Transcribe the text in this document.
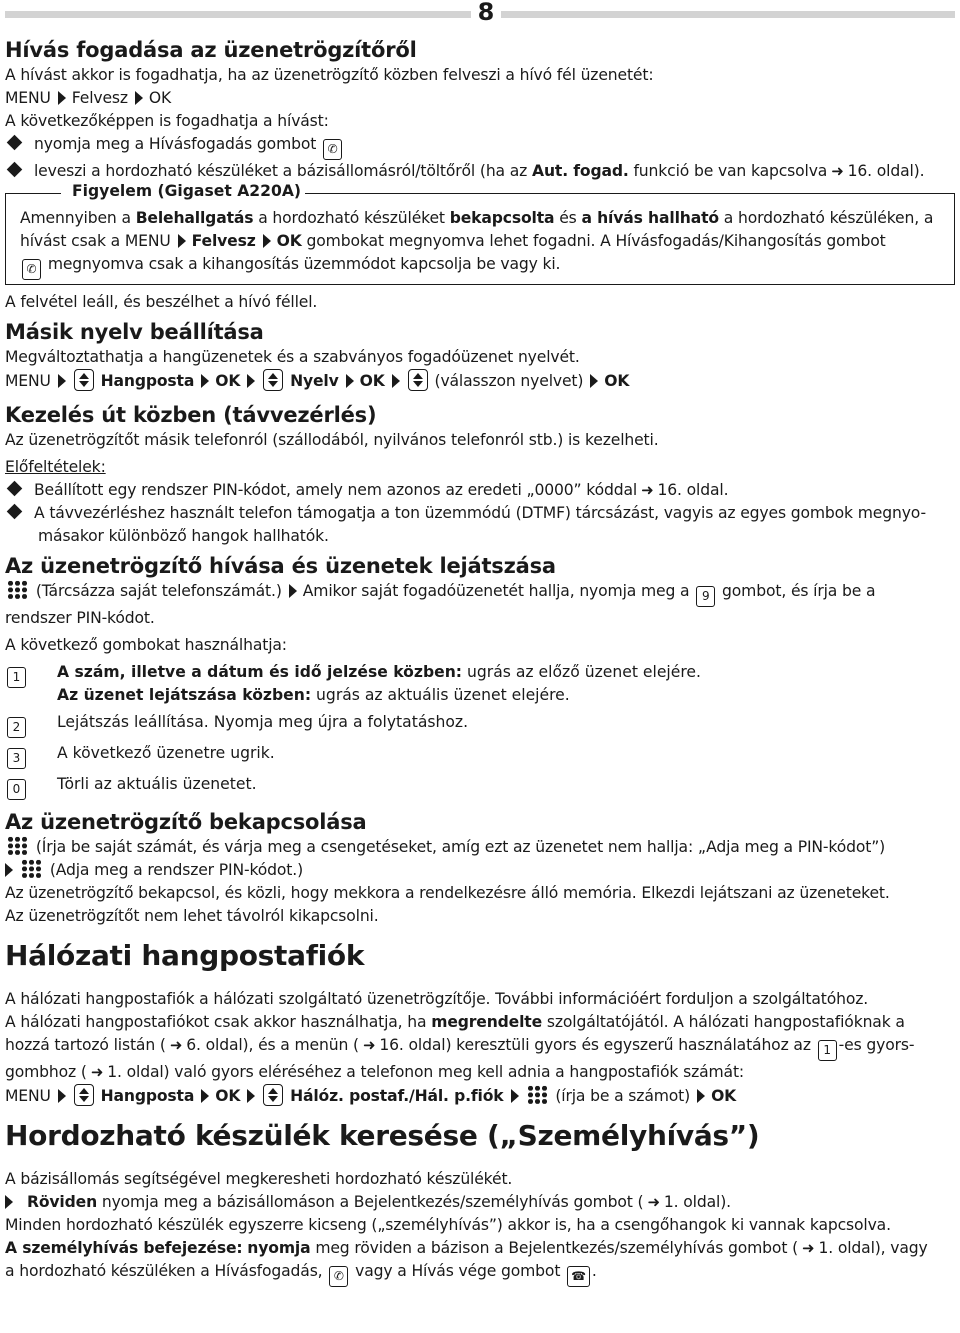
8
Hívás fogadása az üzenetrögzítőről
A hívást akkor is fogadhatja, ha az üzenetrögzítő közben felveszi a hívó fél üzenetét:
MENU Felvesz OK
A következőképpen is fogadhatja a hívást:
nyomja meg a Hívásfogadás gombot ✆
leveszi a hordozható készüléket a bázisállomásról/töltőről (ha az Aut. fogad. funkció be van kapcsolva ➜ 16. oldal).
Figyelem (Gigaset A220A)
Amennyiben a Belehallgatás a hordozható készüléket bekapcsolta és a hívás hallható a hordozható készüléken, a
hívást csak a MENU Felvesz OK gombokat megnyomva lehet fogadni. A Hívásfogadás/Kihangosítás gombot
✆ megnyomva csak a kihangosítás üzemmódot kapcsolja be vagy ki.
A felvétel leáll, és beszélhet a hívó féllel.
Másik nyelv beállítása
Megváltoztathatja a hangüzenetek és a szabványos fogadóüzenet nyelvét.
MENU	Hangposta OK	Nyelv OK	(válasszon nyelvet) OK
Kezelés út közben (távvezérlés)
Az üzenetrögzítőt másik telefonról (szállodából, nyilvános telefonról stb.) is kezelheti.
Előfeltételek:
Beállított egy rendszer PIN-kódot, amely nem azonos az eredeti „0000” kóddal ➜ 16. oldal.
A távvezérléshez használt telefon támogatja a ton üzemmódú (DTMF) tárcsázást, vagyis az egyes gombok megnyo-
másakor különböző hangok hallhatók.
Az üzenetrögzítő hívása és üzenetek lejátszása
(Tárcsázza saját telefonszámát.) Amikor saját fogadóüzenetét hallja, nyomja meg a 9 gombot, és írja be a
rendszer PIN-kódot.
A következő gombokat használhatja:
1	A szám, illetve a dátum és idő jelzése közben: ugrás az előző üzenet elejére.
Az üzenet lejátszása közben: ugrás az aktuális üzenet elejére.
2	Lejátszás leállítása. Nyomja meg újra a folytatáshoz.
3	A következő üzenetre ugrik.
0	Törli az aktuális üzenetet.
Az üzenetrögzítő bekapcsolása
(Írja be saját számát, és várja meg a csengetéseket, amíg ezt az üzenetet nem hallja: „Adja meg a PIN-kódot”)
(Adja meg a rendszer PIN-kódot.)
Az üzenetrögzítő bekapcsol, és közli, hogy mekkora a rendelkezésre álló memória. Elkezdi lejátszani az üzeneteket.
Az üzenetrögzítőt nem lehet távolról kikapcsolni.
Hálózati hangpostafiók
A hálózati hangpostafiók a hálózati szolgáltató üzenetrögzítője. További információért forduljon a szolgáltatóhoz.
A hálózati hangpostafiókot csak akkor használhatja, ha megrendelte szolgáltatójától. A hálózati hangpostafióknak a
hozzá tartozó listán ( ➜ 6. oldal), és a menün ( ➜ 16. oldal) keresztüli gyors és egyszerű használatához az 1 -es gyors-
gombhoz ( ➜ 1. oldal) való gyors eléréséhez a telefonon meg kell adnia a hangpostafiók számát:
MENU	Hangposta OK	Hálóz. postaf./Hál. p.fiók	(írja be a számot) OK
Hordozható készülék keresése („Személyhívás”)
A bázisállomás segítségével megkeresheti hordozható készülékét.
Röviden nyomja meg a bázisállomáson a Bejelentkezés/személyhívás gombot ( ➜ 1. oldal).
Minden hordozható készülék egyszerre kicseng („személyhívás”) akkor is, ha a csengőhangok ki vannak kapcsolva.
A személyhívás befejezése: nyomja meg röviden a bázison a Bejelentkezés/személyhívás gombot ( ➜ 1. oldal), vagy
a hordozható készüléken a Hívásfogadás, ✆ vagy a Hívás vége gombot ☎ .
